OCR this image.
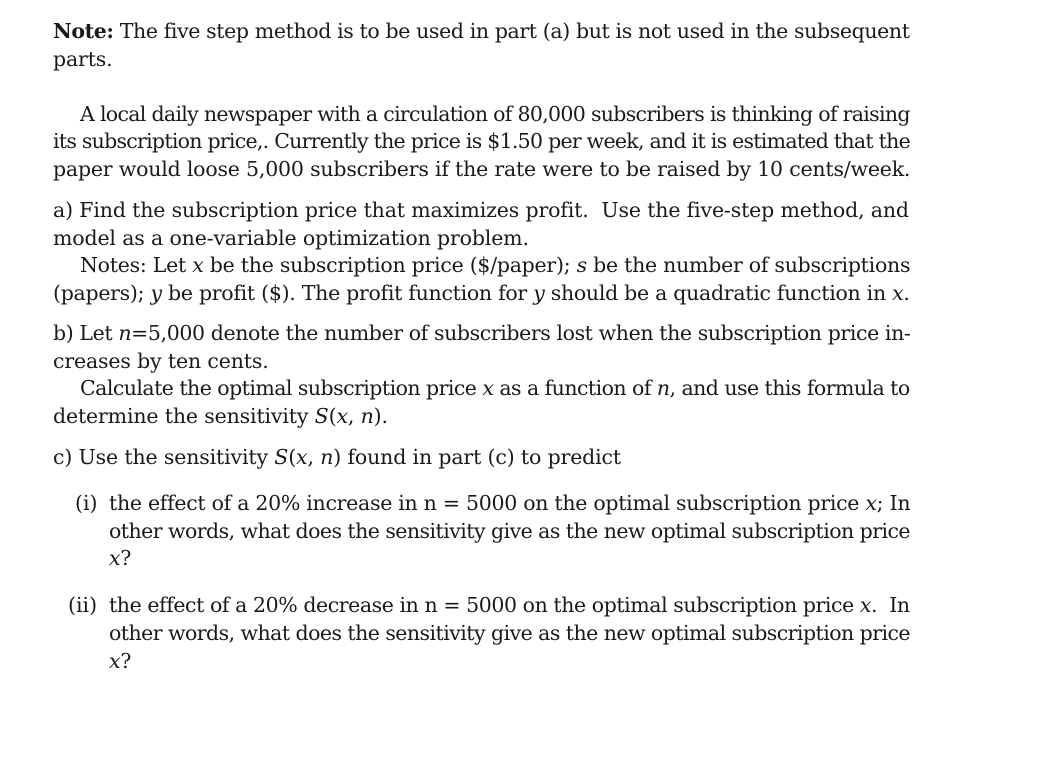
Note: The five step method is to be used in part (a) but is not used in the subsequent
parts.
A local daily newspaper with a circulation of 80,000 subscribers is thinking of raising
its subscription price,. Currently the price is $1.50 per week, and it is estimated that the
paper would loose 5,000 subscribers if the rate were to be raised by 10 cents/week.
a) Find the subscription price that maximizes profit.  Use the five-step method, and
model as a one-variable optimization problem.
Notes: Let x be the subscription price ($/paper); s be the number of subscriptions
(papers); y be profit ($). The profit function for y should be a quadratic function in x.
b) Let n=5,000 denote the number of subscribers lost when the subscription price in-
creases by ten cents.
Calculate the optimal subscription price x as a function of n, and use this formula to
determine the sensitivity S(x, n).
c) Use the sensitivity S(x, n) found in part (c) to predict
(i) the effect of a 20% increase in n = 5000 on the optimal subscription price x; In
other words, what does the sensitivity give as the new optimal subscription price
x?
(ii) the effect of a 20% decrease in n = 5000 on the optimal subscription price x.  In
other words, what does the sensitivity give as the new optimal subscription price
x?
